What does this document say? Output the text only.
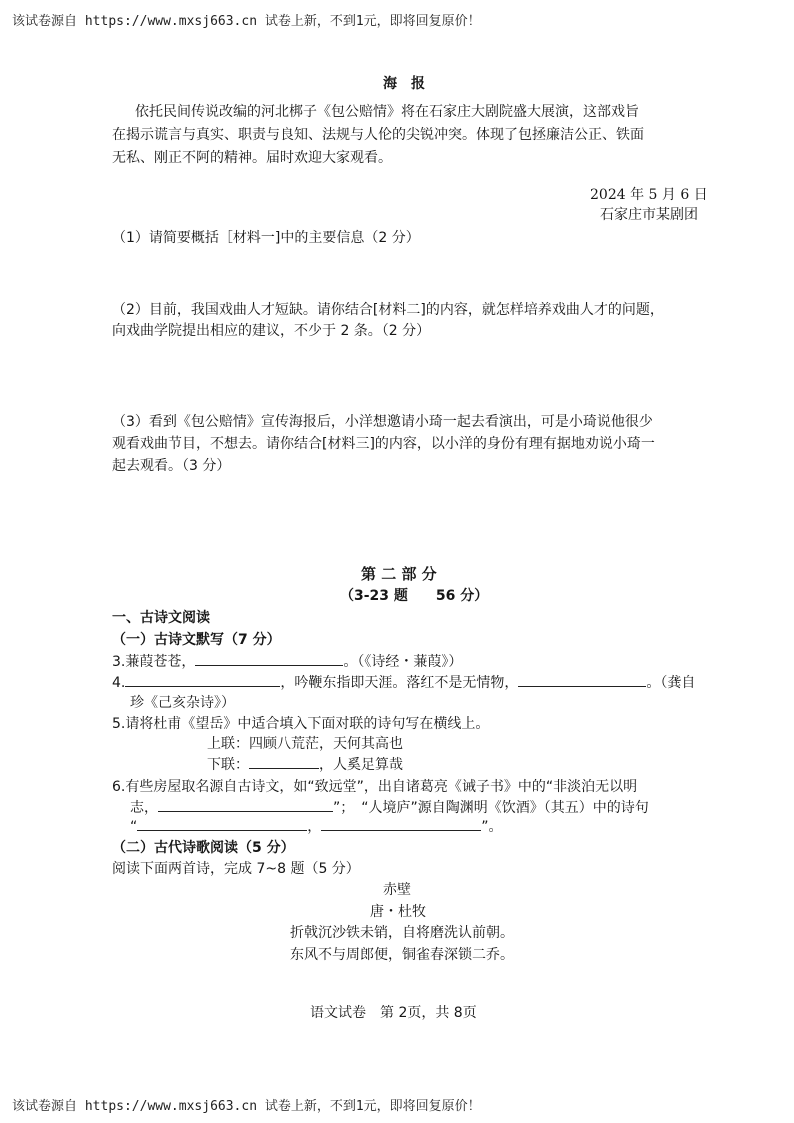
该试卷源自 https://www.mxsj663.cn 试卷上新，不到1元，即将回复原价！
海　报
依托民间传说改编的河北梆子《包公赔情》将在石家庄大剧院盛大展演，这部戏旨
在揭示谎言与真实、职责与良知、法规与人伦的尖锐冲突。体现了包拯廉洁公正、铁面
无私、刚正不阿的精神。届时欢迎大家观看。
2024 年 5 月 6 日
石家庄市某剧团
（1）请简要概括［材料一]中的主要信息（2 分）
（2）目前，我国戏曲人才短缺。请你结合[材料二]的内容，就怎样培养戏曲人才的问题，
向戏曲学院提出相应的建议，不少于 2 条。（2 分）
（3）看到《包公赔情》宣传海报后，小洋想邀请小琦一起去看演出，可是小琦说他很少
观看戏曲节目，不想去。请你结合[材料三]的内容，以小洋的身份有理有据地劝说小琦一
起去观看。（3 分）
第 二 部 分
（3-23 题　　56 分）
一、古诗文阅读
（一）古诗文默写（7 分）
3.蒹葭苍苍，	。（《诗经・蒹葭》）
4.	，吟鞭东指即天涯。落红不是无情物，	。（龚自
珍《己亥杂诗》）
5.请将杜甫《望岳》中适合填入下面对联的诗句写在横线上。
上联：四顾八荒茫，天何其高也
下联：	，人奚足算哉
6.有些房屋取名源自古诗文，如“致远堂”，出自诸葛亮《诫子书》中的“非淡泊无以明
志，	”；　“人境庐”源自陶渊明《饮酒》（其五）中的诗句
“	，	”。
（二）古代诗歌阅读（5 分）
阅读下面两首诗，完成 7~8 题（5 分）
赤壁
唐・杜牧
折戟沉沙铁未销，自将磨洗认前朝。
东风不与周郎便，铜雀春深锁二乔。
语文试卷　第 2页，共 8页
该试卷源自 https://www.mxsj663.cn 试卷上新，不到1元，即将回复原价！
